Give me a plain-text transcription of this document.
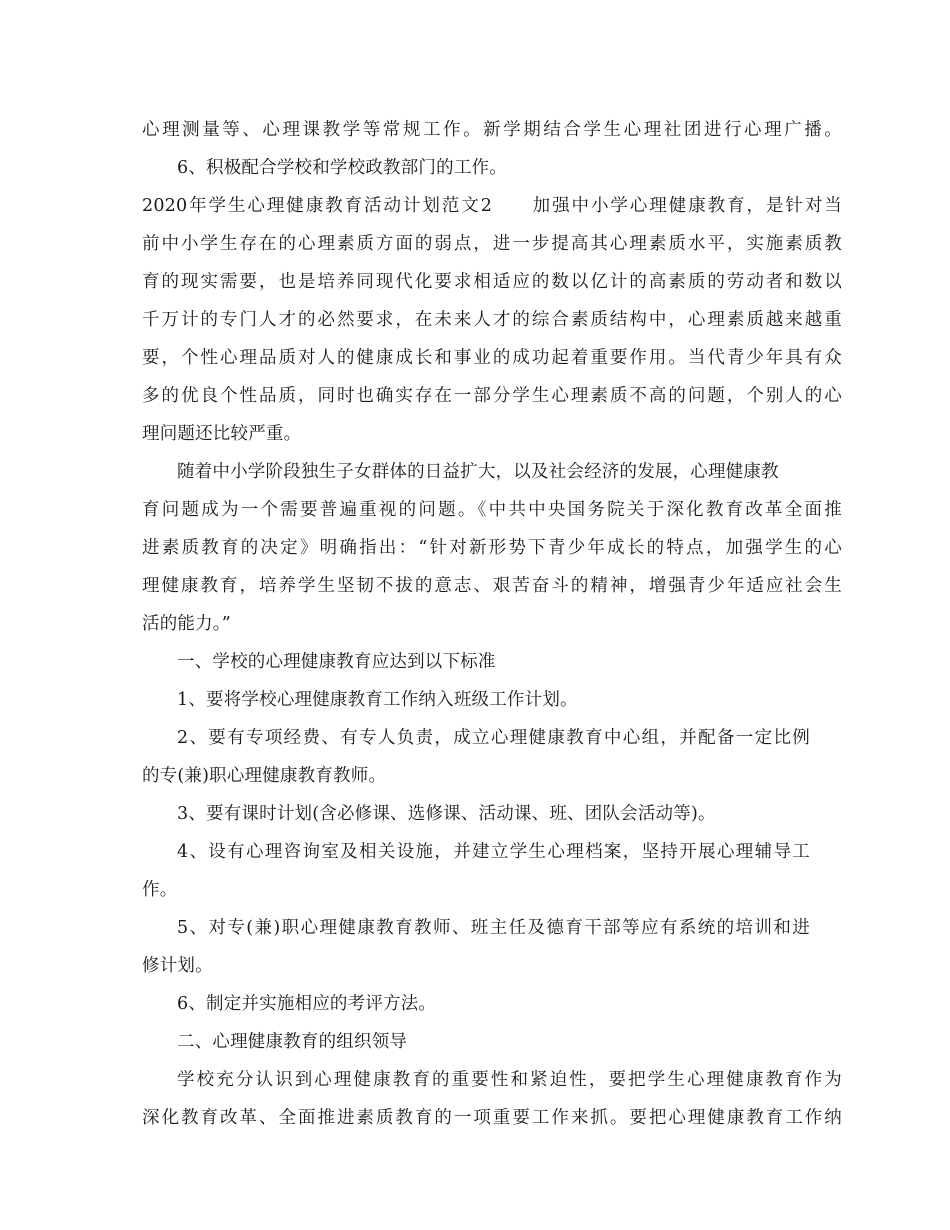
心理测量等、心理课教学等常规工作。新学期结合学生心理社团进行心理广播。
6、积极配合学校和学校政教部门的工作。
2020年学生心理健康教育活动计划范文2　　加强中小学心理健康教育，是针对当
前中小学生存在的心理素质方面的弱点，进一步提高其心理素质水平，实施素质教
育的现实需要，也是培养同现代化要求相适应的数以亿计的高素质的劳动者和数以
千万计的专门人才的必然要求，在未来人才的综合素质结构中，心理素质越来越重
要，个性心理品质对人的健康成长和事业的成功起着重要作用。当代青少年具有众
多的优良个性品质，同时也确实存在一部分学生心理素质不高的问题，个别人的心
理问题还比较严重。
随着中小学阶段独生子女群体的日益扩大，以及社会经济的发展，心理健康教
育问题成为一个需要普遍重视的问题。《中共中央国务院关于深化教育改革全面推
进素质教育的决定》明确指出：“针对新形势下青少年成长的特点，加强学生的心
理健康教育，培养学生坚韧不拔的意志、艰苦奋斗的精神，增强青少年适应社会生
活的能力。”
一、学校的心理健康教育应达到以下标准
1、要将学校心理健康教育工作纳入班级工作计划。
2、要有专项经费、有专人负责，成立心理健康教育中心组，并配备一定比例
的专(兼)职心理健康教育教师。
3、要有课时计划(含必修课、选修课、活动课、班、团队会活动等)。
4、设有心理咨询室及相关设施，并建立学生心理档案，坚持开展心理辅导工
作。
5、对专(兼)职心理健康教育教师、班主任及德育干部等应有系统的培训和进
修计划。
6、制定并实施相应的考评方法。
二、心理健康教育的组织领导
学校充分认识到心理健康教育的重要性和紧迫性，要把学生心理健康教育作为
深化教育改革、全面推进素质教育的一项重要工作来抓。要把心理健康教育工作纳
